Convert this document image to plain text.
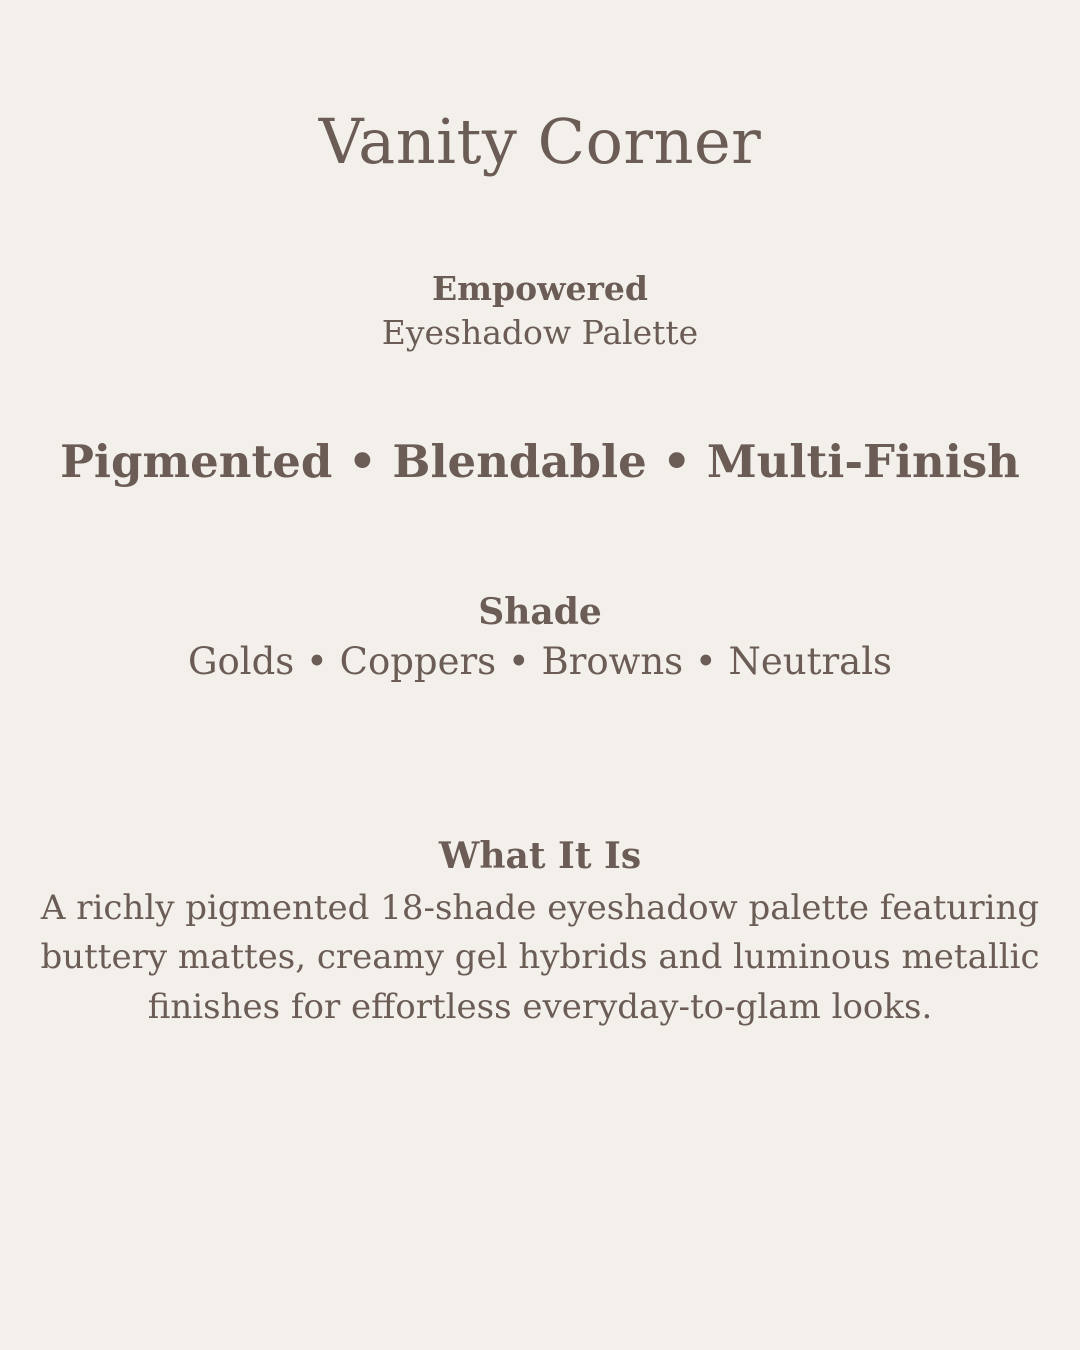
Vanity Corner
Empowered
Eyeshadow Palette
Pigmented • Blendable • Multi-Finish
Shade
Golds • Coppers • Browns • Neutrals
What It Is
A richly pigmented 18-shade eyeshadow palette featuring buttery mattes, creamy gel hybrids and luminous metallic finishes for effortless everyday-to-glam looks.
